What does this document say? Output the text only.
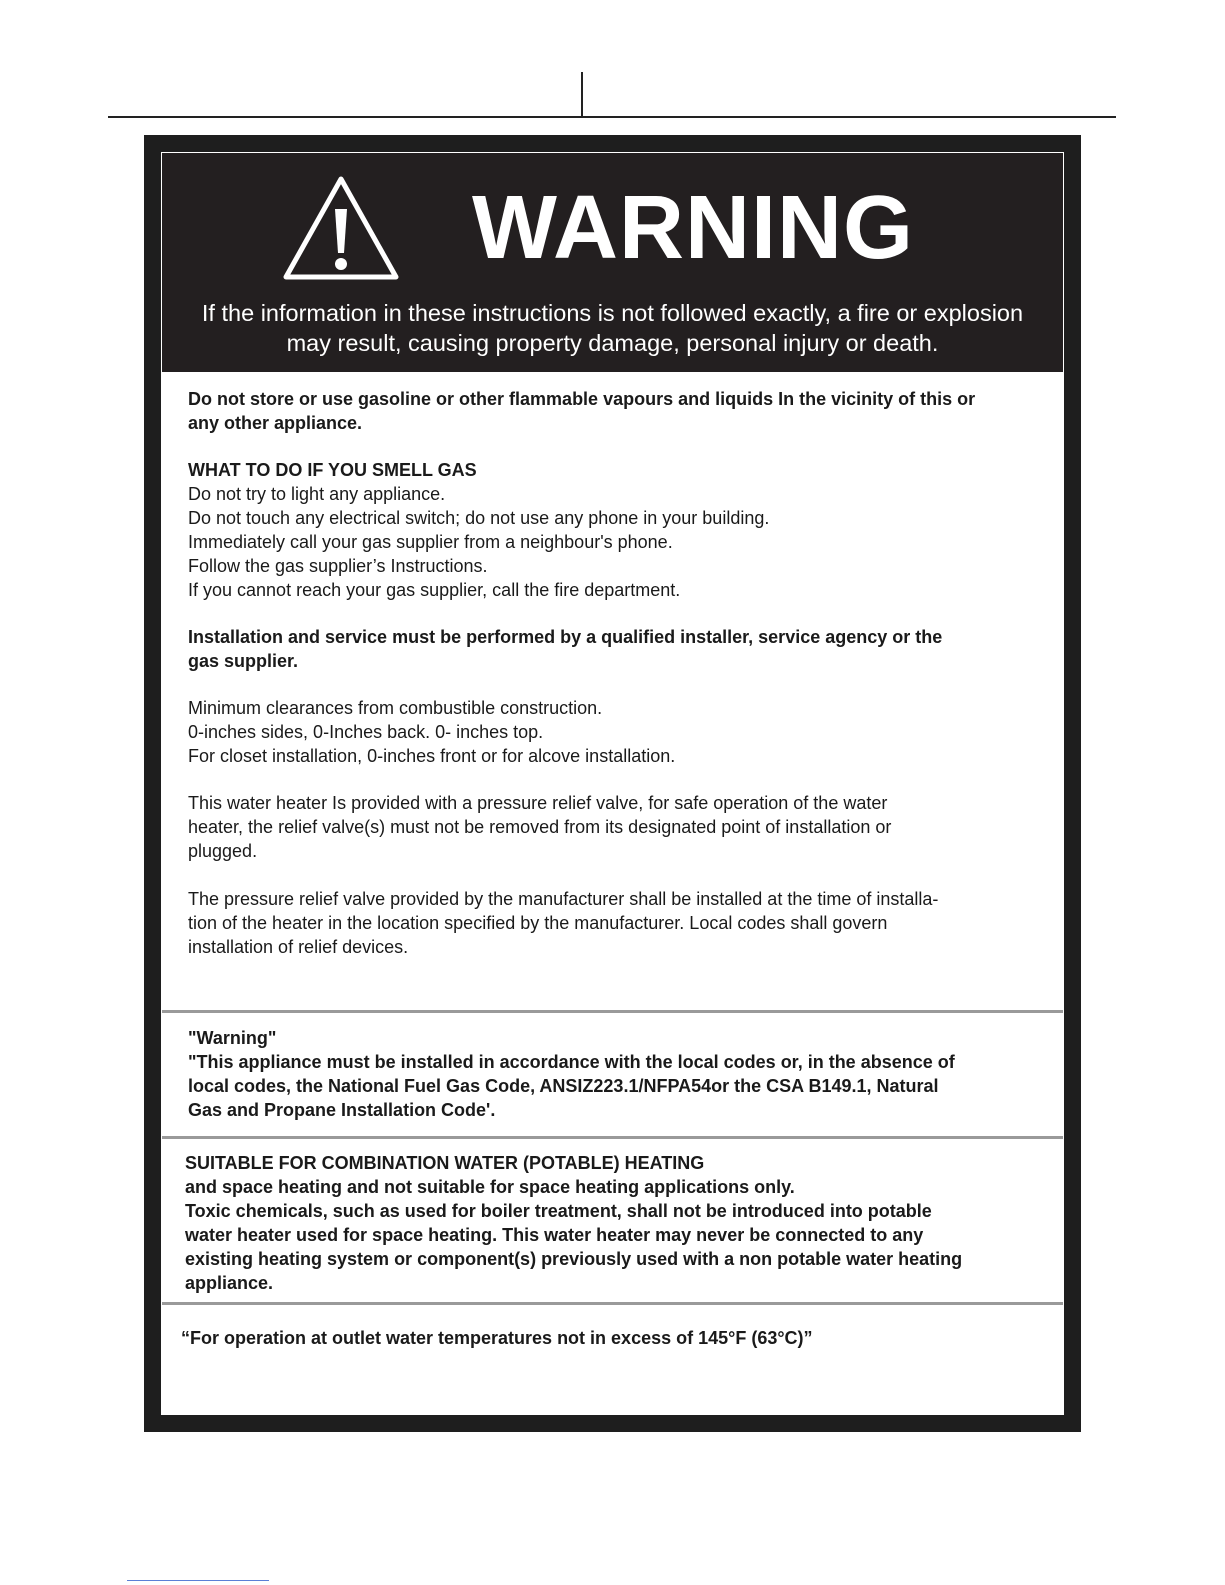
WARNING
If the information in these instructions is not followed exactly, a fire or explosion
may result, causing property damage, personal injury or death.

Do not store or use gasoline or other flammable vapours and liquids In the vicinity of this or

any other appliance.

WHAT TO DO IF YOU SMELL GAS

Do not try to light any appliance.

Do not touch any electrical switch; do not use any phone in your building.

Immediately call your gas supplier from a neighbour's phone.

Follow the gas supplier’s Instructions.

If you cannot reach your gas supplier, call the fire department.

Installation and service must be performed by a qualified installer, service agency or the

gas supplier.

Minimum clearances from combustible construction.

0-inches sides, 0-Inches back. 0- inches top.

For closet installation, 0-inches front or for alcove installation.

This water heater Is provided with a pressure relief valve, for safe operation of the water

heater, the relief valve(s) must not be removed from its designated point of installation or

plugged.

The pressure relief valve provided by the manufacturer shall be installed at the time of installa-

tion of the heater in the location specified by the manufacturer. Local codes shall govern

installation of relief devices.

"Warning"

"This appliance must be installed in accordance with the local codes or, in the absence of

local codes, the National Fuel Gas Code, ANSIZ223.1/NFPA54or the CSA B149.1, Natural

Gas and Propane Installation Code'.

SUITABLE FOR COMBINATION WATER (POTABLE) HEATING

and space heating and not suitable for space heating applications only.

Toxic chemicals, such as used for boiler treatment, shall not be introduced into potable

water heater used for space heating. This water heater may never be connected to any

existing heating system or component(s) previously used with a non potable water heating

appliance.

“For operation at outlet water temperatures not in excess of 145°F (63°C)”
